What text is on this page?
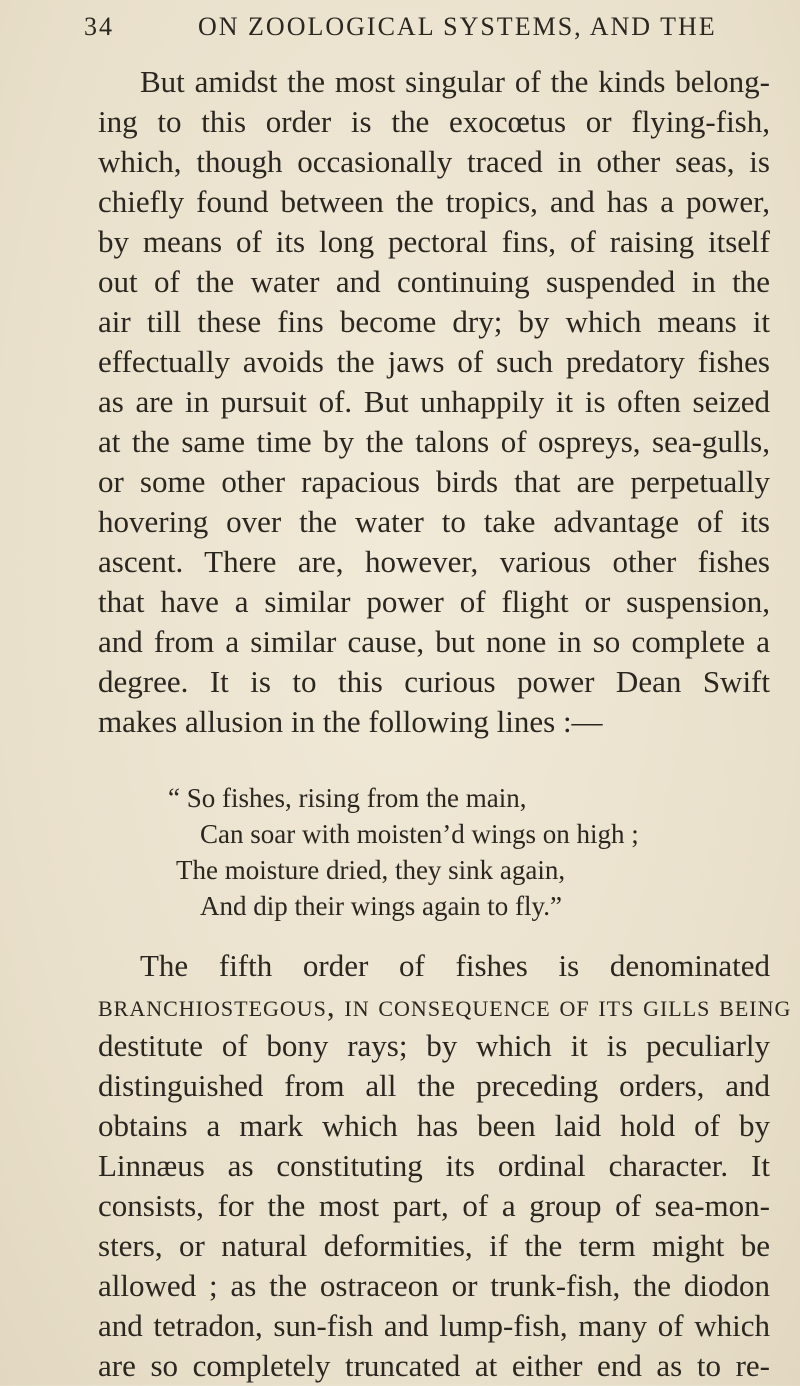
34	ON ZOOLOGICAL SYSTEMS, AND THE
But amidst the most singular of the kinds belong-
ing to this order is the exocœtus or flying-fish,
which, though occasionally traced in other seas, is
chiefly found between the tropics, and has a power,
by means of its long pectoral fins, of raising itself
out of the water and continuing suspended in the
air till these fins become dry; by which means it
effectually avoids the jaws of such predatory fishes
as are in pursuit of. But unhappily it is often seized
at the same time by the talons of ospreys, sea-gulls,
or some other rapacious birds that are perpetually
hovering over the water to take advantage of its
ascent. There are, however, various other fishes
that have a similar power of flight or suspension,
and from a similar cause, but none in so complete a
degree. It is to this curious power Dean Swift
makes allusion in the following lines :—
“ So fishes, rising from the main,
Can soar with moisten’d wings on high ;
The moisture dried, they sink again,
And dip their wings again to fly.”
The fifth order of fishes is denominated
branchiostegous, in consequence of its gills being
destitute of bony rays; by which it is peculiarly
distinguished from all the preceding orders, and
obtains a mark which has been laid hold of by
Linnæus as constituting its ordinal character. It
consists, for the most part, of a group of sea-mon-
sters, or natural deformities, if the term might be
allowed ; as the ostraceon or trunk-fish, the diodon
and tetradon, sun-fish and lump-fish, many of which
are so completely truncated at either end as to re-
